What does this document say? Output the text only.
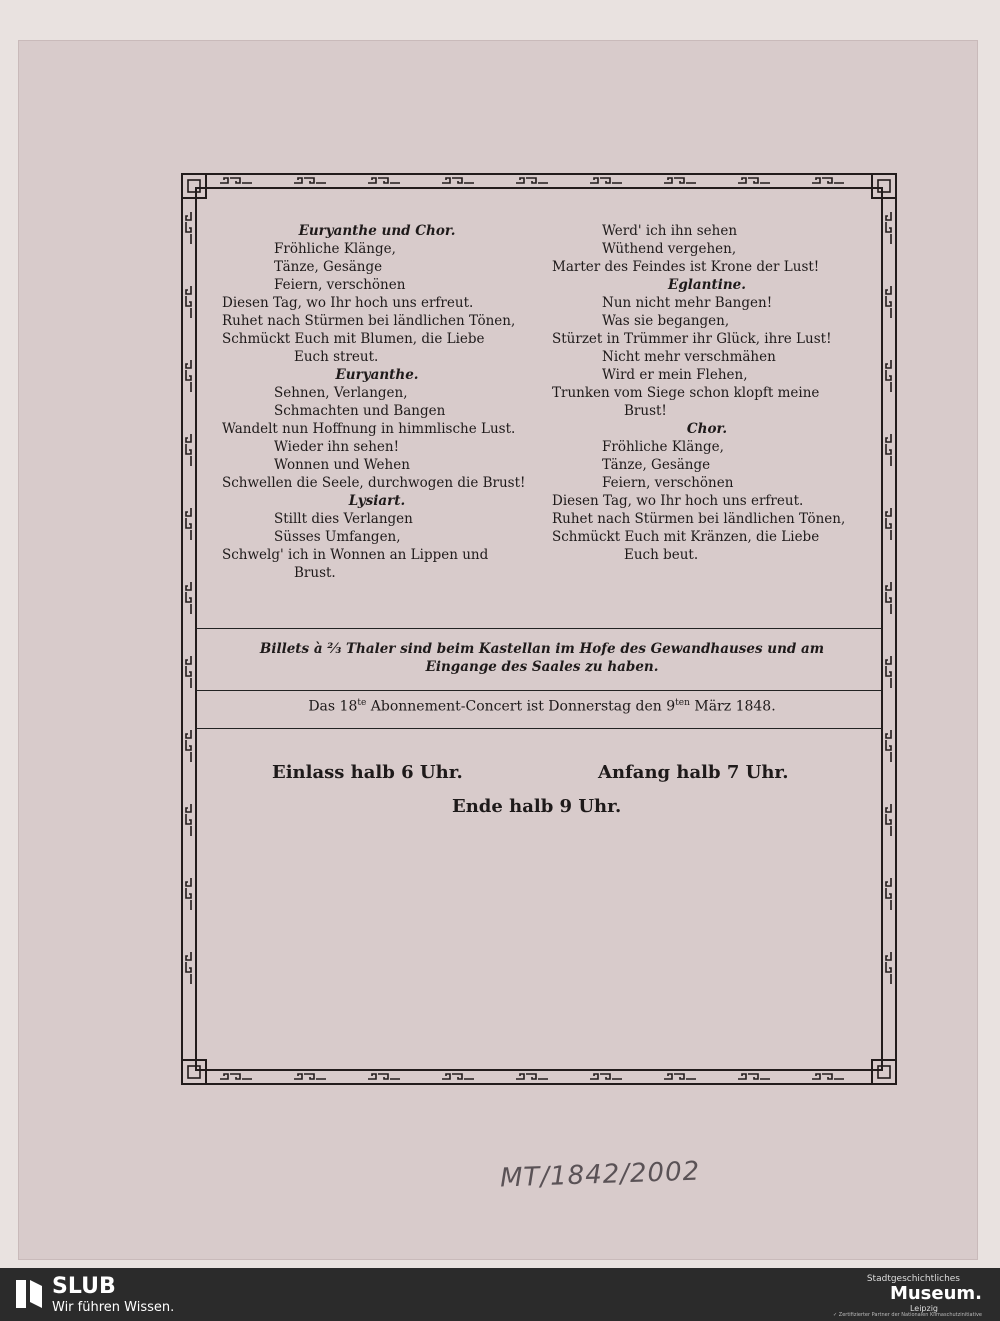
Euryanthe und Chor.

Fröhliche Klänge,

Tänze, Gesänge

Feiern, verschönen

Diesen Tag, wo Ihr hoch uns erfreut.

Ruhet nach Stürmen bei ländlichen Tönen,

Schmückt Euch mit Blumen, die Liebe

Euch streut.

Euryanthe.

Sehnen, Verlangen,

Schmachten und Bangen

Wandelt nun Hoffnung in himmlische Lust.

Wieder ihn sehen!

Wonnen und Wehen

Schwellen die Seele, durchwogen die Brust!

Lysiart.

Stillt dies Verlangen

Süsses Umfangen,

Schwelg' ich in Wonnen an Lippen und

Brust.

Werd' ich ihn sehen

Wüthend vergehen,

Marter des Feindes ist Krone der Lust!

Eglantine.

Nun nicht mehr Bangen!

Was sie begangen,

Stürzet in Trümmer ihr Glück, ihre Lust!

Nicht mehr verschmähen

Wird er mein Flehen,

Trunken vom Siege schon klopft meine

Brust!

Chor.

Fröhliche Klänge,

Tänze, Gesänge

Feiern, verschönen

Diesen Tag, wo Ihr hoch uns erfreut.

Ruhet nach Stürmen bei ländlichen Tönen,

Schmückt Euch mit Kränzen, die Liebe

Euch beut.

Billets à ⅔ Thaler sind beim Kastellan im Hofe des Gewandhauses und am
Eingange des Saales zu haben.
Das $18^{te}$ Abonnement-Concert ist Donnerstag den $9^{ten}$ März 1848.
Einlass halb 6 Uhr.	Anfang halb 7 Uhr.
Ende halb 9 Uhr.
MT/1842/2002
SLUB
Wir führen Wissen.
Stadtgeschichtliches
Museum.
Leipzig
✓ Zertifizierter Partner der Nationalen Klimaschutzinitiative
